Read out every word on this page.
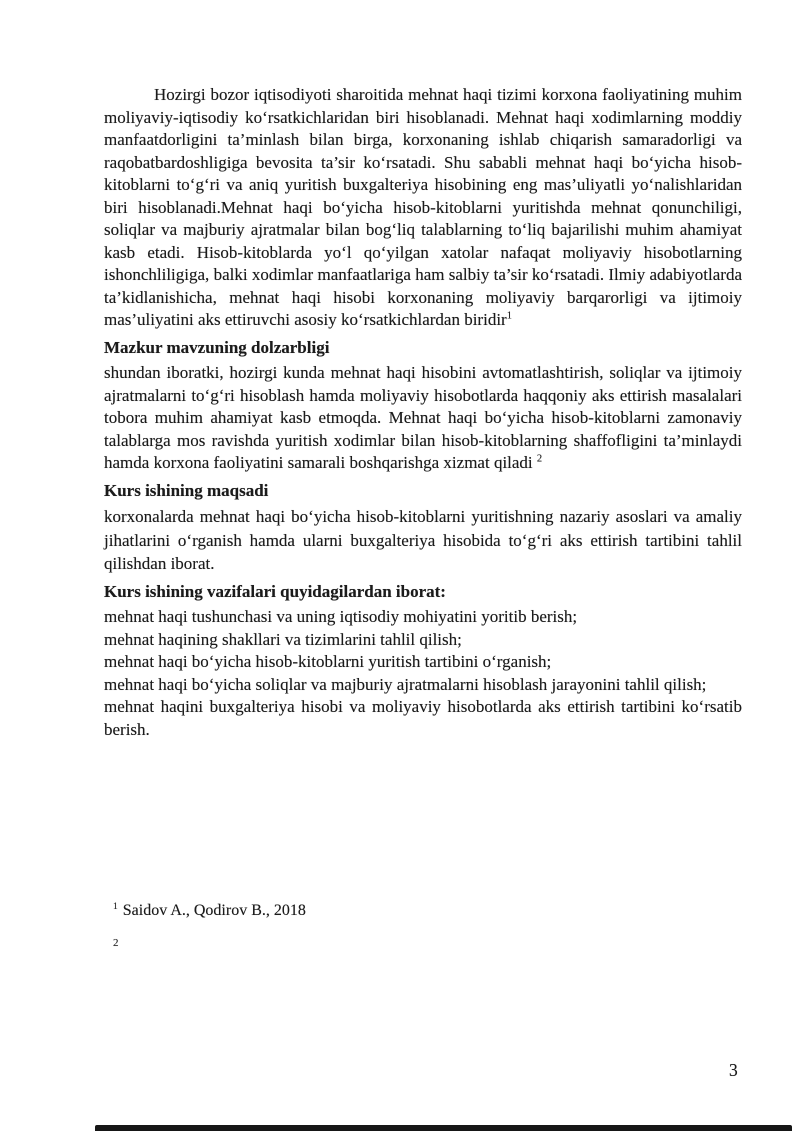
Hozirgi bozor iqtisodiyoti sharoitida mehnat haqi tizimi korxona faoliyatining muhim moliyaviy-iqtisodiy ko‘rsatkichlaridan biri hisoblanadi. Mehnat haqi xodimlarning moddiy manfaatdorligini ta’minlash bilan birga, korxonaning ishlab chiqarish samaradorligi va raqobatbardoshligiga bevosita ta’sir ko‘rsatadi. Shu sababli mehnat haqi bo‘yicha hisob-kitoblarni to‘g‘ri va aniq yuritish buxgalteriya hisobining eng mas’uliyatli yo‘nalishlaridan biri hisoblanadi.Mehnat haqi bo‘yicha hisob-kitoblarni yuritishda mehnat qonunchiligi, soliqlar va majburiy ajratmalar bilan bog‘liq talablarning to‘liq bajarilishi muhim ahamiyat kasb etadi. Hisob-kitoblarda yo‘l qo‘yilgan xatolar nafaqat moliyaviy hisobotlarning ishonchliligiga, balki xodimlar manfaatlariga ham salbiy ta’sir ko‘rsatadi. Ilmiy adabiyotlarda ta’kidlanishicha, mehnat haqi hisobi korxonaning moliyaviy barqarorligi va ijtimoiy mas’uliyatini aks ettiruvchi asosiy ko‘rsatkichlardan biridir$^1$

Mazkur mavzuning dolzarbligi

shundan iboratki, hozirgi kunda mehnat haqi hisobini avtomatlashtirish, soliqlar va ijtimoiy ajratmalarni to‘g‘ri hisoblash hamda moliyaviy hisobotlarda haqqoniy aks ettirish masalalari tobora muhim ahamiyat kasb etmoqda. Mehnat haqi bo‘yicha hisob-kitoblarni zamonaviy talablarga mos ravishda yuritish xodimlar bilan hisob-kitoblarning shaffofligini ta’minlaydi hamda korxona faoliyatini samarali boshqarishga xizmat qiladi $^2$

Kurs ishining maqsadi

korxonalarda mehnat haqi bo‘yicha hisob-kitoblarni yuritishning nazariy asoslari va amaliy jihatlarini o‘rganish hamda ularni buxgalteriya hisobida to‘g‘ri aks ettirish tartibini tahlil qilishdan iborat.

Kurs ishining vazifalari quyidagilardan iborat:
mehnat haqi tushunchasi va uning iqtisodiy mohiyatini yoritib berish;
mehnat haqining shakllari va tizimlarini tahlil qilish;
mehnat haqi bo‘yicha hisob-kitoblarni yuritish tartibini o‘rganish;
mehnat haqi bo‘yicha soliqlar va majburiy ajratmalarni hisoblash jarayonini tahlil qilish;
mehnat haqini buxgalteriya hisobi va moliyaviy hisobotlarda aks ettirish tartibini ko‘rsatib berish.
$^1$ Saidov A., Qodirov B., 2018
2
3
